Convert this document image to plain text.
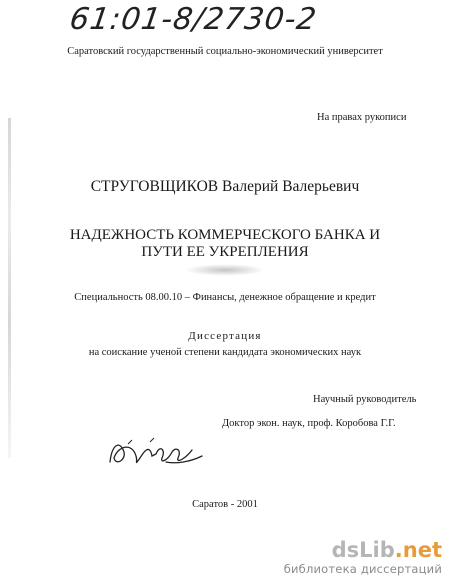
61:01-8/2730-2
Саратовский государственный социально-экономический университет
На правах рукописи
СТРУГОВЩИКОВ Валерий Валерьевич
НАДЕЖНОСТЬ КОММЕРЧЕСКОГО БАНКА И
ПУТИ ЕЕ УКРЕПЛЕНИЯ
Специальность 08.00.10 – Финансы, денежное обращение и кредит
Диссертация
на соискание ученой степени кандидата экономических наук
Научный руководитель
Доктор экон. наук, проф. Коробова Г.Г.
Саратов - 2001
dsLib.net
библиотека диссертаций
